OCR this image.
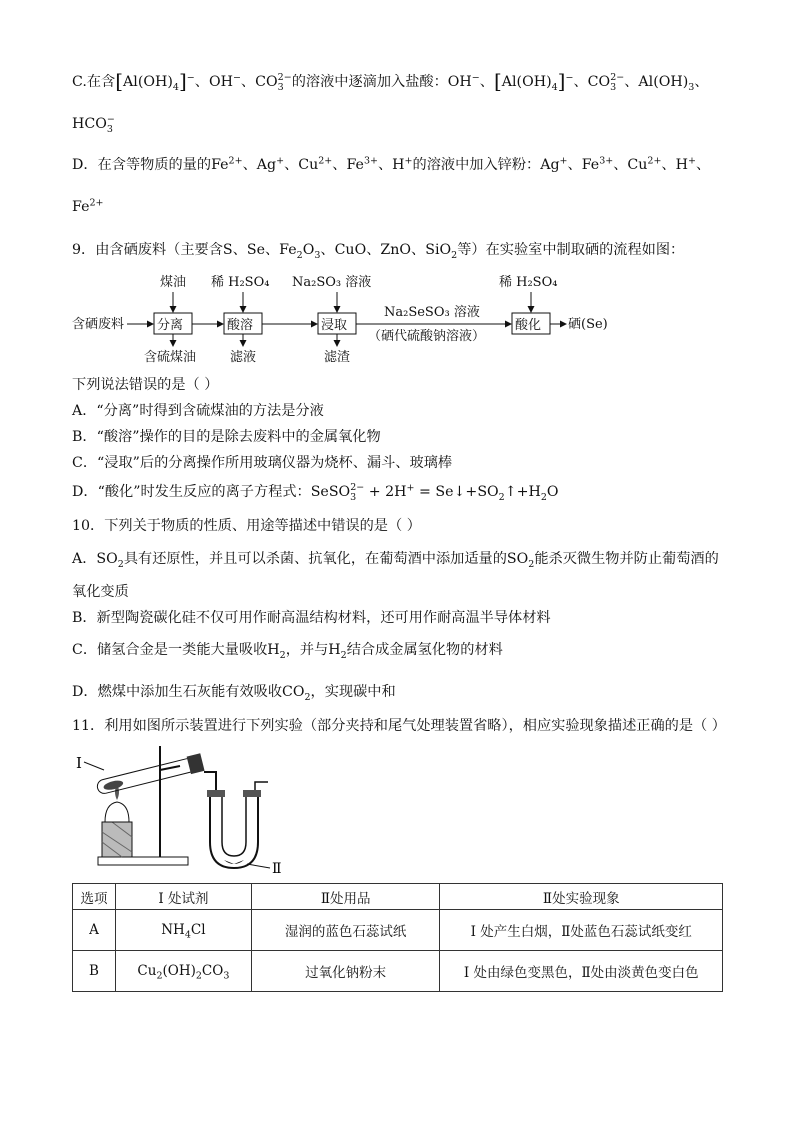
C.在含$[Al(OH)_4]^-$、OH−、$CO_3^{2-}$的溶液中逐滴加入盐酸：OH−、$[Al(OH)_4]^-$、$CO_3^{2-}$、$Al(OH)_3$、
$HCO_3^-$
D．在含等物质的量的$Fe^{2+}$、Ag+、$Cu^{2+}$、$Fe^{3+}$、H+的溶液中加入锌粉：Ag+、$Fe^{3+}$、$Cu^{2+}$、H+、
$Fe^{2+}$
9．由含硒废料（主要含S、Se、$Fe_2O_3$、CuO、ZnO、SiO$_2$等）在实验室中制取硒的流程如图：
含硒废料	分离
煤油
含硫煤油
酸溶
稀 H₂SO₄
滤液
浸取
Na₂SO₃ 溶液
滤渣
Na₂SeSO₃ 溶液
（硒代硫酸钠溶液）
酸化
稀 H₂SO₄
硒(Se)
下列说法错误的是（ ）
A．“分离”时得到含硫煤油的方法是分液
B．“酸溶”操作的目的是除去废料中的金属氧化物
C．“浸取”后的分离操作所用玻璃仪器为烧杯、漏斗、玻璃棒
D．“酸化”时发生反应的离子方程式：SeSO$_3^{2-}$ + $2H^+ = Se↓+SO_2↑+H_2O$
10．下列关于物质的性质、用途等描述中错误的是（ ）
A．$SO_2$具有还原性，并且可以杀菌、抗氧化，在葡萄酒中添加适量的$SO_2$能杀灭微生物并防止葡萄酒的
氧化变质
B．新型陶瓷碳化硅不仅可用作耐高温结构材料，还可用作耐高温半导体材料
C．储氢合金是一类能大量吸收$H_2$，并与$H_2$结合成金属氢化物的材料
D．燃煤中添加生石灰能有效吸收$CO_2$，实现碳中和
11．利用如图所示装置进行下列实验（部分夹持和尾气处理装置省略），相应实验现象描述正确的是（ ）
I
Ⅱ
选项	I 处试剂	Ⅱ处用品	Ⅱ处实验现象
A	$NH_4Cl$	湿润的蓝色石蕊试纸	I 处产生白烟，Ⅱ处蓝色石蕊试纸变红
B	$Cu_2(OH)_2CO_3$	过氧化钠粉末	I 处由绿色变黑色，Ⅱ处由淡黄色变白色
